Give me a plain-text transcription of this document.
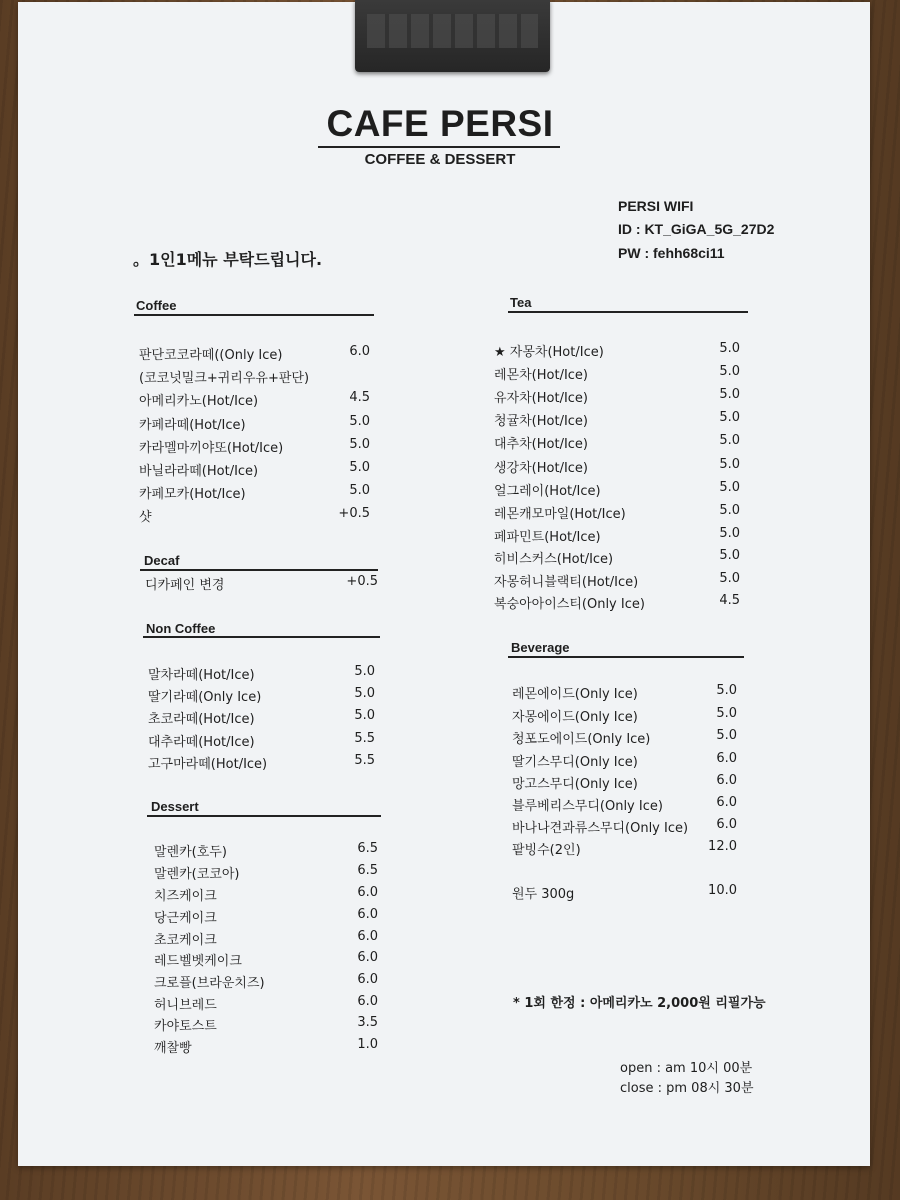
CAFE PERSI
COFFEE & DESSERT
PERSI WIFI
ID : KT_GiGA_5G_27D2
PW : fehh68ci11
。1인1메뉴 부탁드립니다.
Coffee
판단코코라떼((Only Ice)	6.0
(코코넛밀크+귀리우유+판단)
아메리카노(Hot/Ice)	4.5
카페라떼(Hot/Ice)	5.0
카라멜마끼야또(Hot/Ice)	5.0
바닐라라떼(Hot/Ice)	5.0
카페모카(Hot/Ice)	5.0
샷	+0.5
Decaf
디카페인 변경	+0.5
Non Coffee
말차라떼(Hot/Ice)	5.0
딸기라떼(Only Ice)	5.0
초코라떼(Hot/Ice)	5.0
대추라떼(Hot/Ice)	5.5
고구마라떼(Hot/Ice)	5.5
Dessert
말렌카(호두)	6.5
말렌카(코코아)	6.5
치즈케이크	6.0
당근케이크	6.0
초코케이크	6.0
레드벨벳케이크	6.0
크로플(브라운치즈)	6.0
허니브레드	6.0
카야토스트	3.5
깨찰빵	1.0
Tea
★ 자몽차(Hot/Ice)	5.0
레몬차(Hot/Ice)	5.0
유자차(Hot/Ice)	5.0
청귤차(Hot/Ice)	5.0
대추차(Hot/Ice)	5.0
생강차(Hot/Ice)	5.0
얼그레이(Hot/Ice)	5.0
레몬캐모마일(Hot/Ice)	5.0
페파민트(Hot/Ice)	5.0
히비스커스(Hot/Ice)	5.0
자몽허니블랙티(Hot/Ice)	5.0
복숭아아이스티(Only Ice)	4.5
Beverage
레몬에이드(Only Ice)	5.0
자몽에이드(Only Ice)	5.0
청포도에이드(Only Ice)	5.0
딸기스무디(Only Ice)	6.0
망고스무디(Only Ice)	6.0
블루베리스무디(Only Ice)	6.0
바나나견과류스무디(Only Ice)	6.0
팥빙수(2인)	12.0
원두 300g	10.0
* 1회 한정 : 아메리카노 2,000원 리필가능
open : am 10시 00분
close : pm 08시 30분
